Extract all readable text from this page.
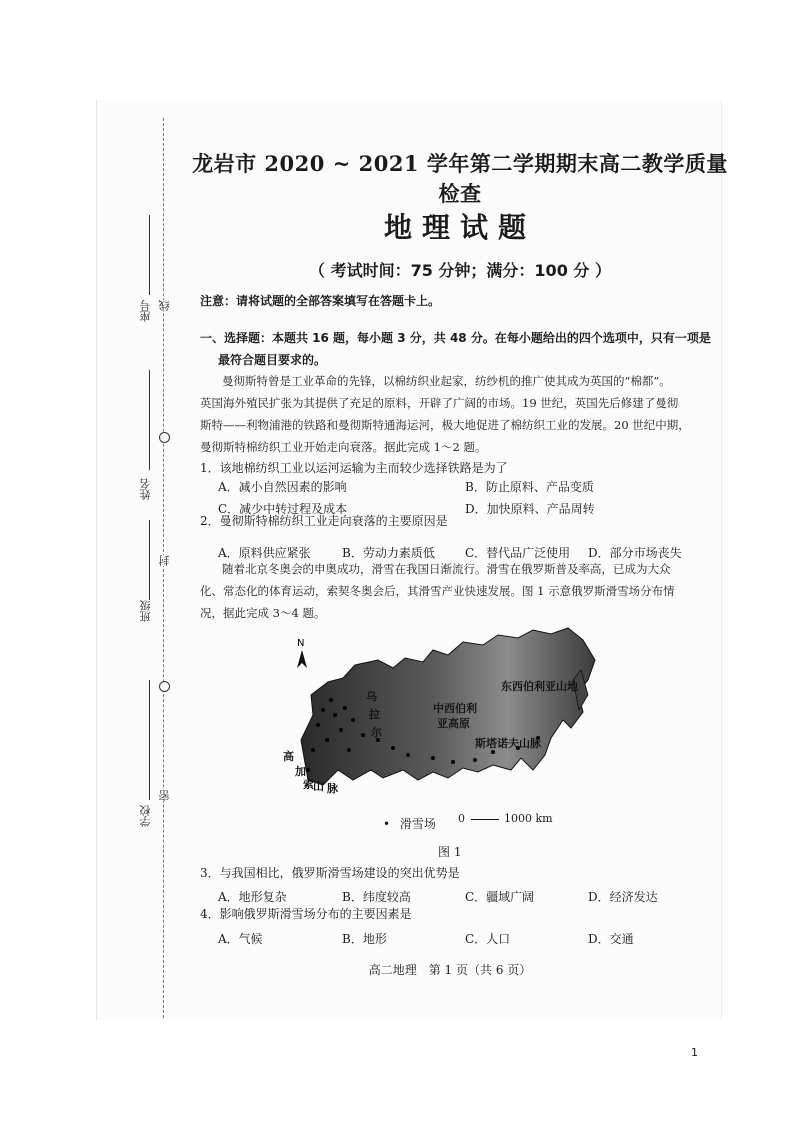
线
封
密
座号
姓名
班级
学校
龙岩市 2020 ~ 2021 学年第二学期期末高二教学质量检查
地理试题
（ 考试时间：75 分钟；满分：100 分 ）
注意：请将试题的全部答案填写在答题卡上。
一、选择题：本题共 16 题，每小题 3 分，共 48 分。在每小题给出的四个选项中，只有一项是
最符合题目要求的。
曼彻斯特曾是工业革命的先锋，以棉纺织业起家，纺纱机的推广使其成为英国的“棉都”。
英国海外殖民扩张为其提供了充足的原料，开辟了广阔的市场。19 世纪，英国先后修建了曼彻
斯特——利物浦港的铁路和曼彻斯特通海运河，极大地促进了棉纺织工业的发展。20 世纪中期，
曼彻斯特棉纺织工业开始走向衰落。据此完成 1～2 题。
1．该地棉纺织工业以运河运输为主而较少选择铁路是为了
A．减小自然因素的影响	B．防止原料、产品变质
C．减少中转过程及成本	D．加快原料、产品周转
2．曼彻斯特棉纺织工业走向衰落的主要原因是
A．原料供应紧张	B．劳动力素质低	C．替代品广泛使用 D．部分市场丧失
随着北京冬奥会的申奥成功，滑雪在我国日渐流行。滑雪在俄罗斯普及率高，已成为大众
化、常态化的体育运动，索契冬奥会后，其滑雪产业快速发展。图 1 示意俄罗斯滑雪场分布情
况，据此完成 3～4 题。
乌
拉
尔
中西伯利
亚高原
东西伯利亚山地
斯塔诺夫山脉
高
加
索 山 脉
N
• 滑雪场 0	1000 km
图 1
3．与我国相比，俄罗斯滑雪场建设的突出优势是
A．地形复杂	B．纬度较高	C．疆域广阔	D．经济发达
4．影响俄罗斯滑雪场分布的主要因素是
A．气候	B．地形	C．人口	D．交通
高二地理　第 1 页（共 6 页）
1
